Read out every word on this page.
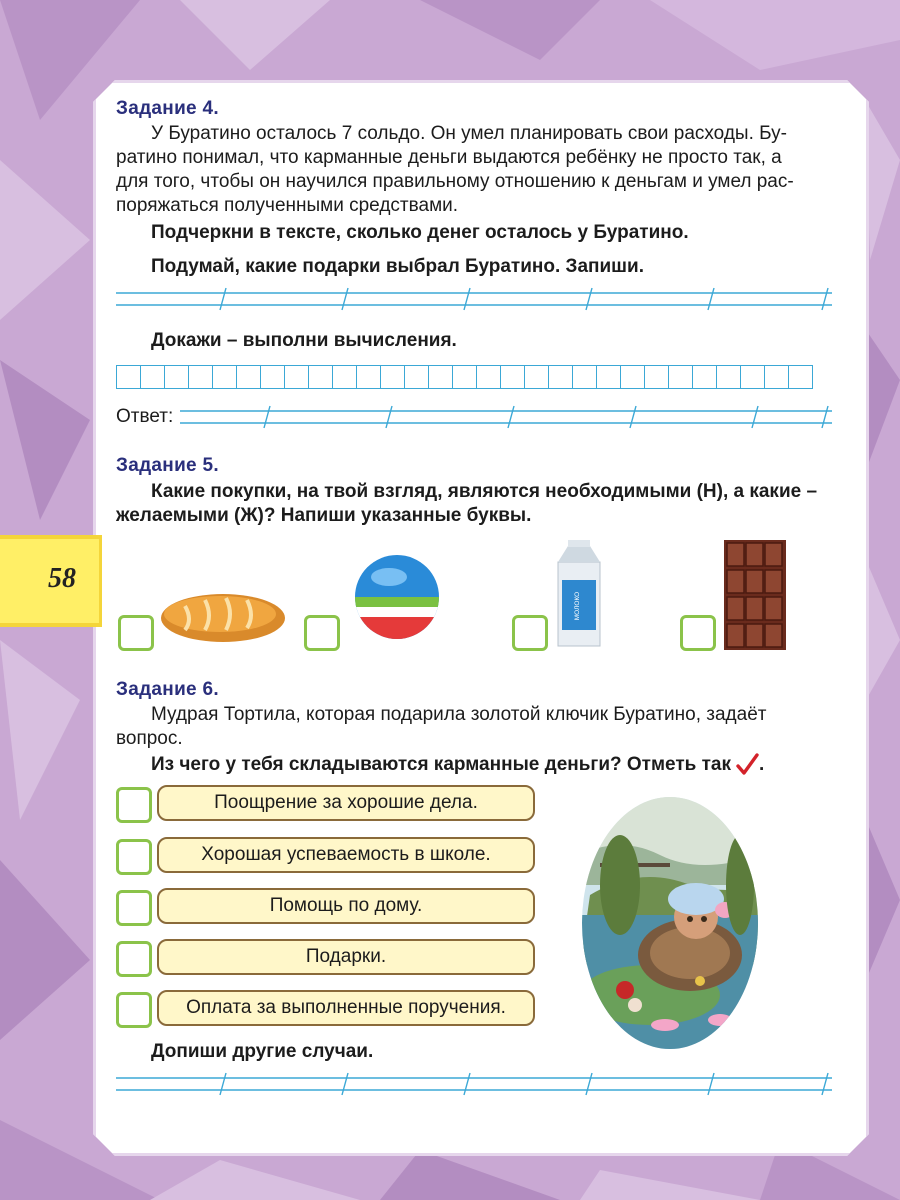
58
Задание 4.
У Буратино осталось 7 сольдо. Он умел планировать свои расходы. Бу-
ратино понимал, что карманные деньги выдаются ребёнку не просто так, а
для того, чтобы он научился правильному отношению к деньгам и умел рас-
поряжаться полученными средствами.
Подчеркни в тексте, сколько денег осталось у Буратино.
Подумай, какие подарки выбрал Буратино. Запиши.
Докажи – выполни вычисления.
Ответ:
Задание 5.
Какие покупки, на твой взгляд, являются необходимыми (Н), а какие –
желаемыми (Ж)? Напиши указанные буквы.
МОЛОКО
Задание 6.
Мудрая Тортила, которая подарила золотой ключик Буратино, задаёт
вопрос.
Из чего у тебя складываются карманные деньги? Отметь так .
Поощрение за хорошие дела.
Хорошая успеваемость в школе.
Помощь по дому.
Подарки.
Оплата за выполненные поручения.
Допиши другие случаи.
